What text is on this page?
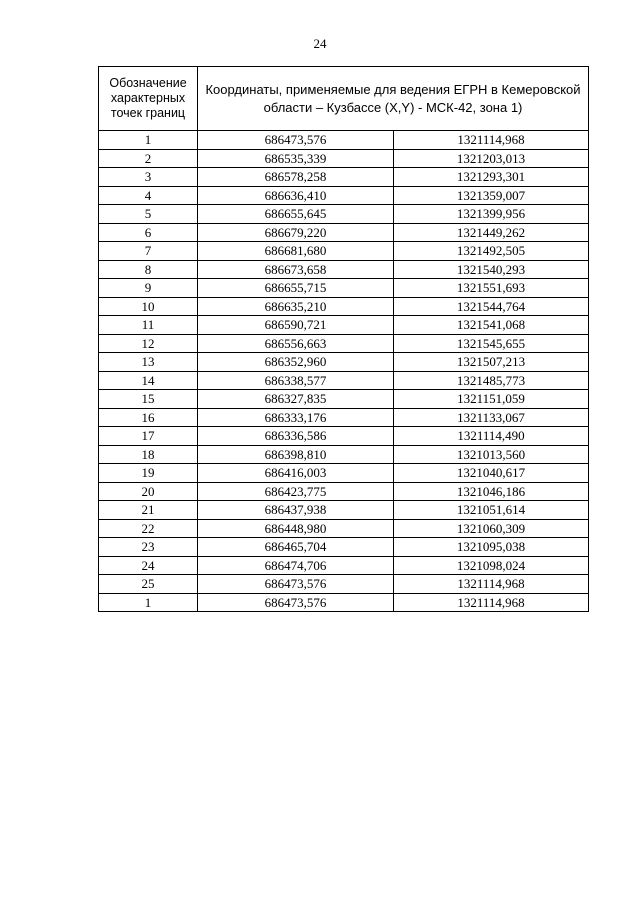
24
Обозначение характерных точек границ	Координаты, применяемые для ведения ЕГРН в Кемеровской области – Кузбассе (X,Y) - МСК-42, зона 1)	
1	686473,576	1321114,968
2	686535,339	1321203,013
3	686578,258	1321293,301
4	686636,410	1321359,007
5	686655,645	1321399,956
6	686679,220	1321449,262
7	686681,680	1321492,505
8	686673,658	1321540,293
9	686655,715	1321551,693
10	686635,210	1321544,764
11	686590,721	1321541,068
12	686556,663	1321545,655
13	686352,960	1321507,213
14	686338,577	1321485,773
15	686327,835	1321151,059
16	686333,176	1321133,067
17	686336,586	1321114,490
18	686398,810	1321013,560
19	686416,003	1321040,617
20	686423,775	1321046,186
21	686437,938	1321051,614
22	686448,980	1321060,309
23	686465,704	1321095,038
24	686474,706	1321098,024
25	686473,576	1321114,968
1	686473,576	1321114,968
